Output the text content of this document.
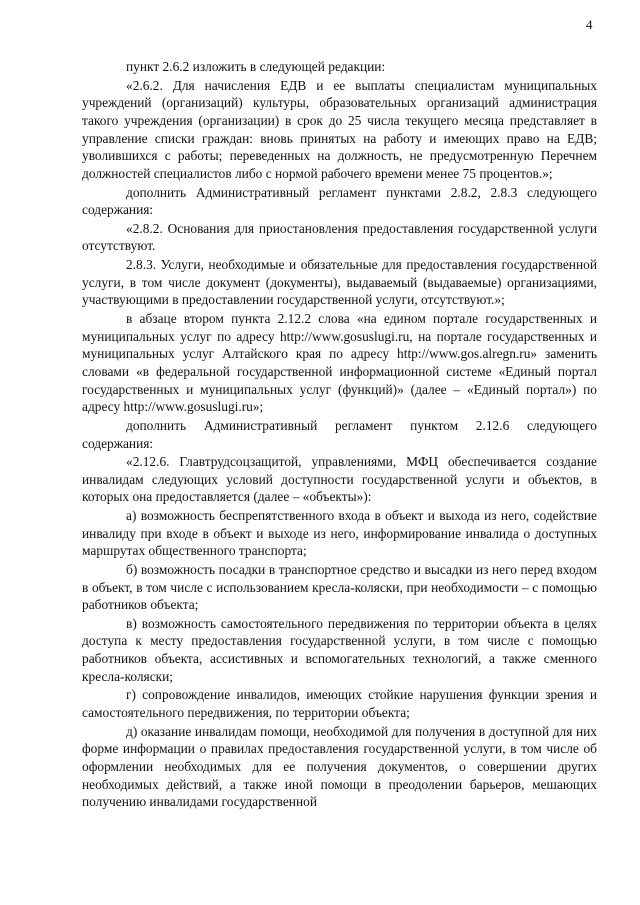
4

пункт 2.6.2 изложить в следующей редакции:

«2.6.2. Для начисления ЕДВ и ее выплаты специалистам муниципальных учреждений (организаций) культуры, образовательных организаций администрация такого учреждения (организации) в срок до 25 числа текущего месяца представляет в управление списки граждан: вновь принятых на работу и имеющих право на ЕДВ; уволившихся с работы; переведенных на должность, не предусмотренную Перечнем должностей специалистов либо с нормой рабочего времени менее 75 процентов.»;

дополнить Административный регламент пунктами 2.8.2, 2.8.3 следующего содержания:

«2.8.2. Основания для приостановления предоставления государственной услуги отсутствуют.

2.8.3. Услуги, необходимые и обязательные для предоставления государственной услуги, в том числе документ (документы), выдаваемый (выдаваемые) организациями, участвующими в предоставлении государственной услуги, отсутствуют.»;

в абзаце втором пункта 2.12.2 слова «на едином портале государственных и муниципальных услуг по адресу http://www.gosuslugi.ru, на портале государственных и муниципальных услуг Алтайского края по адресу http://www.gos.alregn.ru» заменить словами «в федеральной государственной информационной системе «Единый портал государственных и муниципальных услуг (функций)» (далее – «Единый портал») по адресу http://www.gosuslugi.ru»;

дополнить Административный регламент пунктом 2.12.6 следующего содержания:

«2.12.6. Главтрудсоцзащитой, управлениями, МФЦ обеспечивается создание инвалидам следующих условий доступности государственной услуги и объектов, в которых она предоставляется (далее – «объекты»):

а) возможность беспрепятственного входа в объект и выхода из него, содействие инвалиду при входе в объект и выходе из него, информирование инвалида о доступных маршрутах общественного транспорта;

б) возможность посадки в транспортное средство и высадки из него перед входом в объект, в том числе с использованием кресла-коляски, при необходимости – с помощью работников объекта;

в) возможность самостоятельного передвижения по территории объекта в целях доступа к месту предоставления государственной услуги, в том числе с помощью работников объекта, ассистивных и вспомогательных технологий, а также сменного кресла-коляски;

г) сопровождение инвалидов, имеющих стойкие нарушения функции зрения и самостоятельного передвижения, по территории объекта;

д) оказание инвалидам помощи, необходимой для получения в доступной для них форме информации о правилах предоставления государственной услуги, в том числе об оформлении необходимых для ее получения документов, о совершении других необходимых действий, а также иной помощи в преодолении барьеров, мешающих получению инвалидами государственной
